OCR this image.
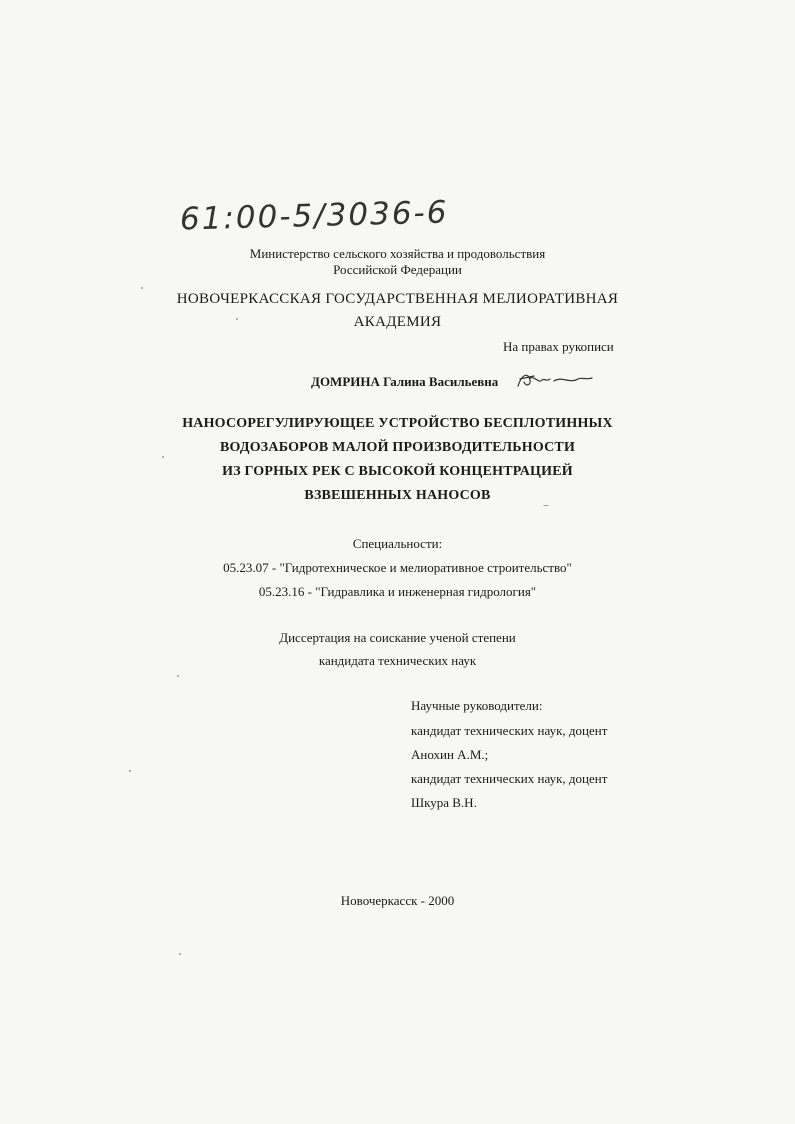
61:00-5/3036-6
Министерство сельского хозяйства и продовольствия
Российской Федерации
НОВОЧЕРКАССКАЯ ГОСУДАРСТВЕННАЯ МЕЛИОРАТИВНАЯ
АКАДЕМИЯ
На правах рукописи
ДОМРИНА Галина Васильевна
НАНОСОРЕГУЛИРУЮЩЕЕ УСТРОЙСТВО БЕСПЛОТИННЫХ
ВОДОЗАБОРОВ МАЛОЙ ПРОИЗВОДИТЕЛЬНОСТИ
ИЗ ГОРНЫХ РЕК С ВЫСОКОЙ КОНЦЕНТРАЦИЕЙ
ВЗВЕШЕННЫХ НАНОСОВ
Специальности:
05.23.07 - "Гидротехническое и мелиоративное строительство"
05.23.16 - "Гидравлика и инженерная гидрология"
Диссертация на соискание ученой степени
кандидата технических наук
Научные руководители:
кандидат технических наук, доцент
Анохин А.М.;
кандидат технических наук, доцент
Шкура В.Н.
Новочеркасск - 2000
